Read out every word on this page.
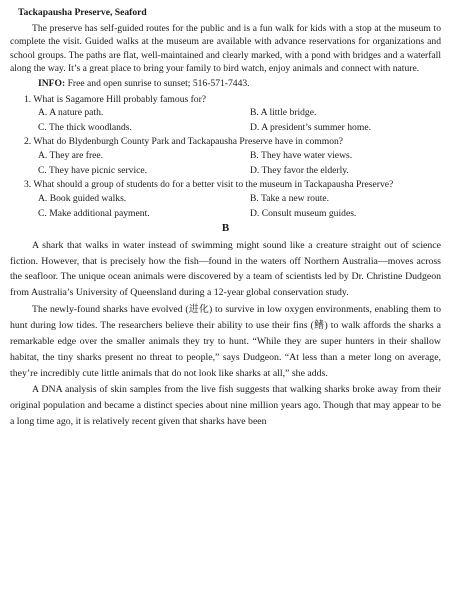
Tackapausha Preserve, Seaford

The preserve has self-guided routes for the public and is a fun walk for kids with a stop at the museum to complete the visit. Guided walks at the museum are available with advance reservations for organizations and school groups. The paths are flat, well-maintained and clearly marked, with a pond with bridges and a waterfall along the way. It’s a great place to bring your family to bird watch, enjoy animals and connect with nature.

INFO: Free and open sunrise to sunset; 516-571-7443.
1. What is Sagamore Hill probably famous for?
A. A nature path.	B. A little bridge.
C. The thick woodlands.	D. A president’s summer home.
2. What do Blydenburgh County Park and Tackapausha Preserve have in common?
A. They are free.	B. They have water views.
C. They have picnic service.	D. They favor the elderly.
3. What should a group of students do for a better visit to the museum in Tackapausha Preserve?
A. Book guided walks.	B. Take a new route.
C. Make additional payment.	D. Consult museum guides.
B

A shark that walks in water instead of swimming might sound like a creature straight out of science fiction. However, that is precisely how the fish—found in the waters off Northern Australia—moves across the seafloor. The unique ocean animals were discovered by a team of scientists led by Dr. Christine Dudgeon from Australia’s University of Queensland during a 12-year global conservation study.

The newly-found sharks have evolved (进化) to survive in low oxygen environments, enabling them to hunt during low tides. The researchers believe their ability to use their fins (鳍) to walk affords the sharks a remarkable edge over the smaller animals they try to hunt. “While they are super hunters in their shallow habitat, the tiny sharks present no threat to people,” says Dudgeon. “At less than a meter long on average, they’re incredibly cute little animals that do not look like sharks at all,” she adds.

A DNA analysis of skin samples from the live fish suggests that walking sharks broke away from their original population and became a distinct species about nine million years ago. Though that may appear to be a long time ago, it is relatively recent given that sharks have been
